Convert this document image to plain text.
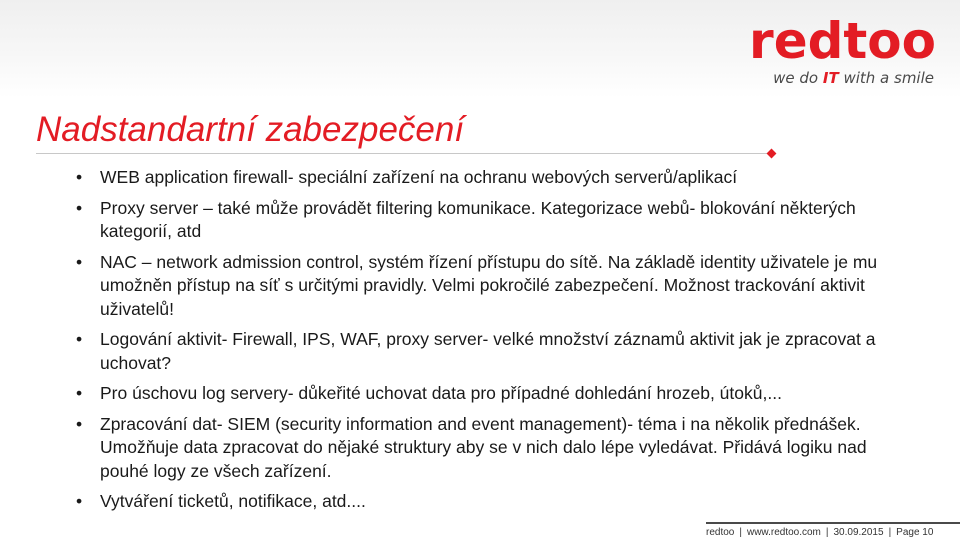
redtoo
we do IT with a smile
Nadstandartní zabezpečení
•	WEB application firewall- speciální zařízení na ochranu webových serverů/aplikací
•	Proxy server – také může provádět filtering komunikace. Kategorizace webů- blokování některých kategorií, atd
•	NAC – network admission control, systém řízení přístupu do sítě. Na základě identity uživatele je mu umožněn přístup na síť s určitými pravidly. Velmi pokročilé zabezpečení. Možnost trackování aktivit uživatelů!
•	Logování aktivit- Firewall, IPS, WAF, proxy server- velké množství záznamů aktivit jak je zpracovat a uchovat?
•	Pro úschovu log servery- důkeřité uchovat data pro případné dohledání hrozeb, útoků,...
•	Zpracování dat- SIEM (security information and event management)- téma i na několik přednášek. Umožňuje data zpracovat do nějaké struktury aby se v nich dalo lépe vyledávat. Přidává logiku nad pouhé logy ze všech zařízení.
•	Vytváření ticketů, notifikace, atd....
redtoo | www.redtoo.com | 30.09.2015 | Page 10
